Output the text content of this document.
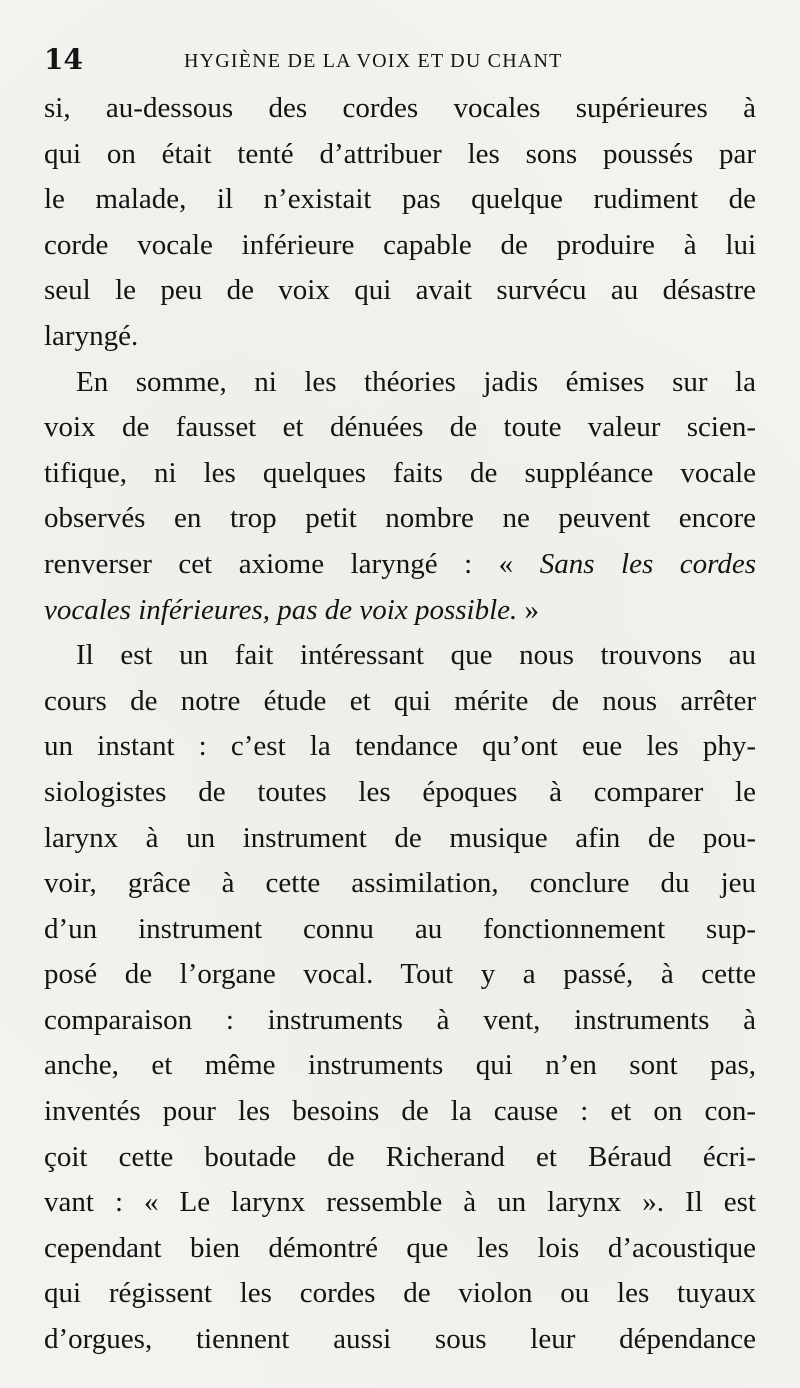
14	HYGIÈNE DE LA VOIX ET DU CHANT
si, au-dessous des cordes vocales supérieures à
qui on était tenté d’attribuer les sons poussés par
le malade, il n’existait pas quelque rudiment de
corde vocale inférieure capable de produire à lui
seul le peu de voix qui avait survécu au désastre
laryngé.
En somme, ni les théories jadis émises sur la
voix de fausset et dénuées de toute valeur scien-
tifique, ni les quelques faits de suppléance vocale
observés en trop petit nombre ne peuvent encore
renverser cet axiome laryngé : « Sans les cordes
vocales inférieures, pas de voix possible. »
Il est un fait intéressant que nous trouvons au
cours de notre étude et qui mérite de nous arrêter
un instant : c’est la tendance qu’ont eue les phy-
siologistes de toutes les époques à comparer le
larynx à un instrument de musique afin de pou-
voir, grâce à cette assimilation, conclure du jeu
d’un instrument connu au fonctionnement sup-
posé de l’organe vocal. Tout y a passé, à cette
comparaison : instruments à vent, instruments à
anche, et même instruments qui n’en sont pas,
inventés pour les besoins de la cause : et on con-
çoit cette boutade de Richerand et Béraud écri-
vant : « Le larynx ressemble à un larynx ». Il est
cependant bien démontré que les lois d’acoustique
qui régissent les cordes de violon ou les tuyaux
d’orgues, tiennent aussi sous leur dépendance
